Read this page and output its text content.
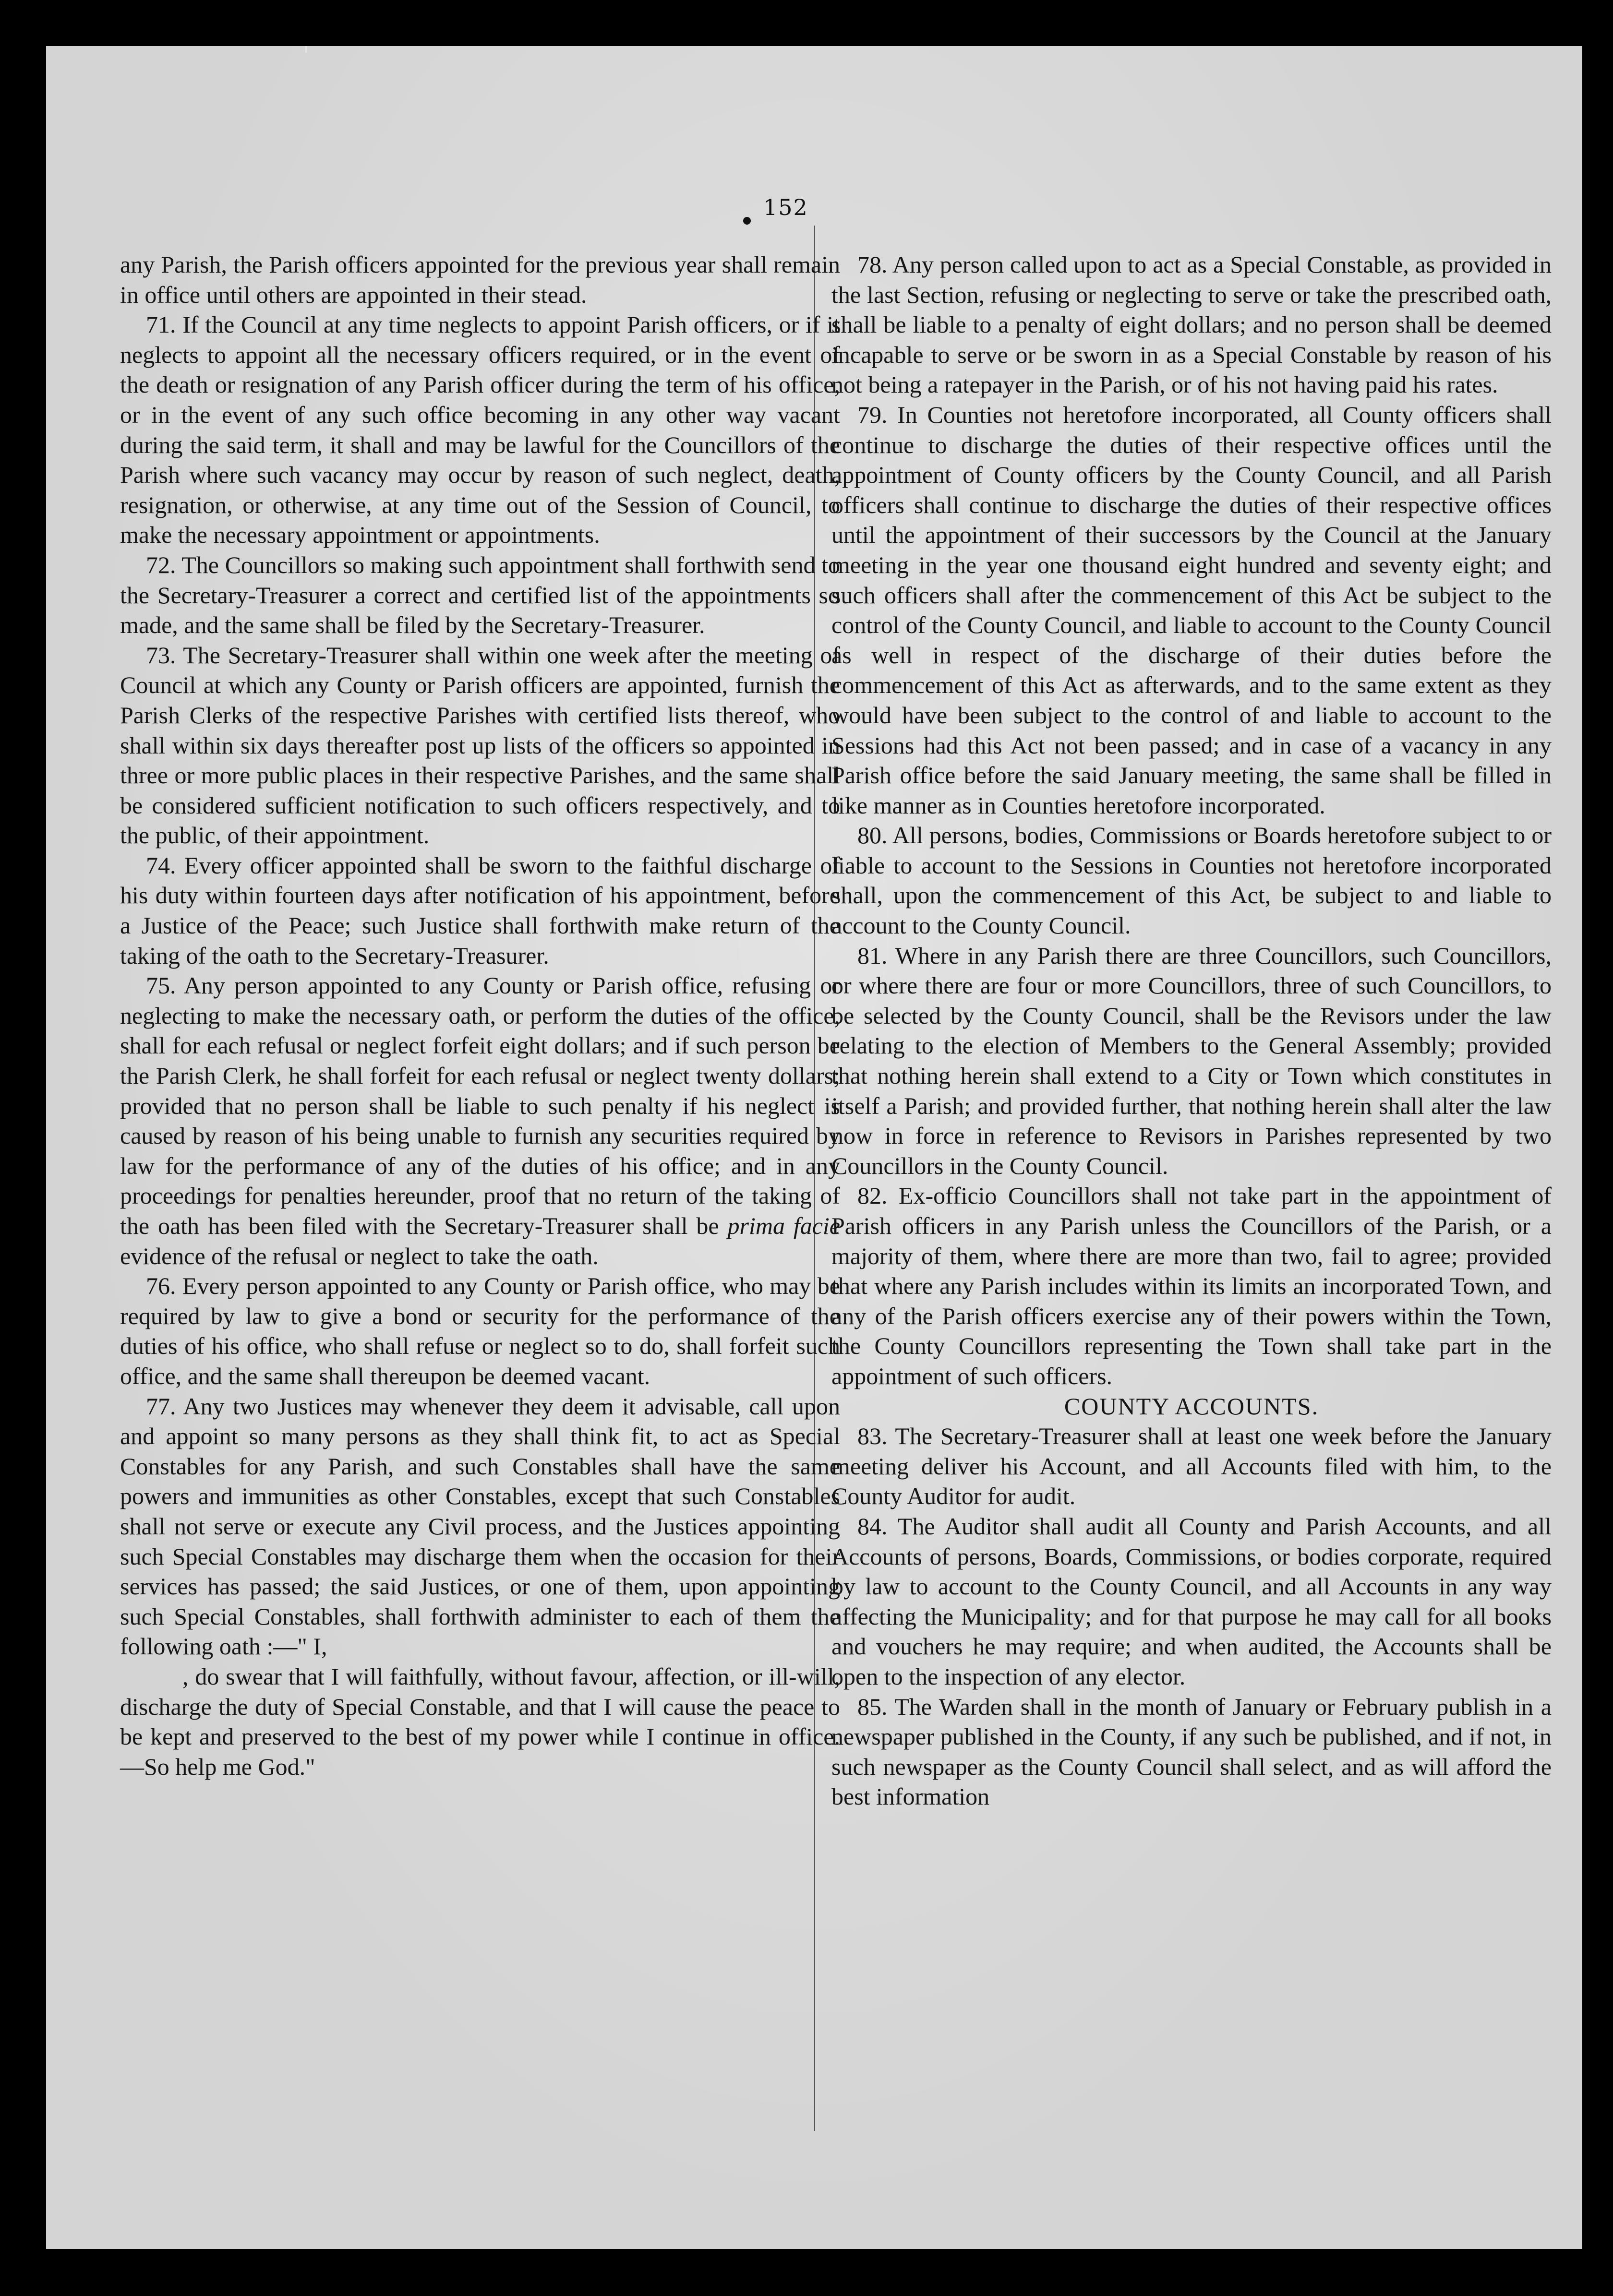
152

any Parish, the Parish officers appointed for the previous year shall remain in office until others are appointed in their stead.

71. If the Council at any time neglects to appoint Parish officers, or if it neglects to appoint all the necessary officers required, or in the event of the death or resignation of any Parish officer during the term of his office, or in the event of any such office becoming in any other way vacant during the said term, it shall and may be lawful for the Councillors of the Parish where such vacancy may occur by reason of such neglect, death, resignation, or otherwise, at any time out of the Session of Council, to make the necessary appointment or appointments.

72. The Councillors so making such appointment shall forthwith send to the Secretary-Treasurer a correct and certified list of the appointments so made, and the same shall be filed by the Secretary-Treasurer.

73. The Secretary-Treasurer shall within one week after the meeting of Council at which any County or Parish officers are appointed, furnish the Parish Clerks of the respective Parishes with certified lists thereof, who shall within six days thereafter post up lists of the officers so appointed in three or more public places in their respective Parishes, and the same shall be considered sufficient notification to such officers respectively, and to the public, of their appointment.

74. Every officer appointed shall be sworn to the faithful discharge of his duty within fourteen days after notification of his appointment, before a Justice of the Peace; such Justice shall forthwith make return of the taking of the oath to the Secretary-Treasurer.

75. Any person appointed to any County or Parish office, refusing or neglecting to make the necessary oath, or perform the duties of the office, shall for each refusal or neglect forfeit eight dollars; and if such person be the Parish Clerk, he shall forfeit for each refusal or neglect twenty dollars; provided that no person shall be liable to such penalty if his neglect is caused by reason of his being unable to furnish any securities required by law for the performance of any of the duties of his office; and in any proceedings for penalties hereunder, proof that no return of the taking of the oath has been filed with the Secretary-Treasurer shall be prima facie evidence of the refusal or neglect to take the oath.

76. Every person appointed to any County or Parish office, who may be required by law to give a bond or security for the performance of the duties of his office, who shall refuse or neglect so to do, shall forfeit such office, and the same shall thereupon be deemed vacant.

77. Any two Justices may whenever they deem it advisable, call upon and appoint so many persons as they shall think fit, to act as Special Constables for any Parish, and such Constables shall have the same powers and immunities as other Constables, except that such Constables shall not serve or execute any Civil process, and the Justices appointing such Special Constables may discharge them when the occasion for their services has passed; the said Justices, or one of them, upon appointing such Special Constables, shall forthwith administer to each of them the following oath :—" I,

, do swear that I will faithfully, without favour, affection, or ill-will, discharge the duty of Special Constable, and that I will cause the peace to be kept and preserved to the best of my power while I continue in office.—So help me God."

78. Any person called upon to act as a Special Constable, as provided in the last Section, refusing or neglecting to serve or take the prescribed oath, shall be liable to a penalty of eight dollars; and no person shall be deemed incapable to serve or be sworn in as a Special Constable by reason of his not being a ratepayer in the Parish, or of his not having paid his rates.

79. In Counties not heretofore incorporated, all County officers shall continue to discharge the duties of their respective offices until the appointment of County officers by the County Council, and all Parish officers shall continue to discharge the duties of their respective offices until the appointment of their successors by the Council at the January meeting in the year one thousand eight hundred and seventy eight; and such officers shall after the commencement of this Act be subject to the control of the County Council, and liable to account to the County Council as well in respect of the discharge of their duties before the commencement of this Act as afterwards, and to the same extent as they would have been subject to the control of and liable to account to the Sessions had this Act not been passed; and in case of a vacancy in any Parish office before the said January meeting, the same shall be filled in like manner as in Counties heretofore incorporated.

80. All persons, bodies, Commissions or Boards heretofore subject to or liable to account to the Sessions in Counties not heretofore incorporated shall, upon the commencement of this Act, be subject to and liable to account to the County Council.

81. Where in any Parish there are three Councillors, such Councillors, or where there are four or more Councillors, three of such Councillors, to be selected by the County Council, shall be the Revisors under the law relating to the election of Members to the General Assembly; provided that nothing herein shall extend to a City or Town which constitutes in itself a Parish; and provided further, that nothing herein shall alter the law now in force in reference to Revisors in Parishes represented by two Councillors in the County Council.

82. Ex-officio Councillors shall not take part in the appointment of Parish officers in any Parish unless the Councillors of the Parish, or a majority of them, where there are more than two, fail to agree; provided that where any Parish includes within its limits an incorporated Town, and any of the Parish officers exercise any of their powers within the Town, the County Councillors representing the Town shall take part in the appointment of such officers.

COUNTY ACCOUNTS.

83. The Secretary-Treasurer shall at least one week before the January meeting deliver his Account, and all Accounts filed with him, to the County Auditor for audit.

84. The Auditor shall audit all County and Parish Accounts, and all Accounts of persons, Boards, Commissions, or bodies corporate, required by law to account to the County Council, and all Accounts in any way affecting the Municipality; and for that purpose he may call for all books and vouchers he may require; and when audited, the Accounts shall be open to the inspection of any elector.

85. The Warden shall in the month of January or February publish in a newspaper published in the County, if any such be published, and if not, in such newspaper as the County Council shall select, and as will afford the best information
